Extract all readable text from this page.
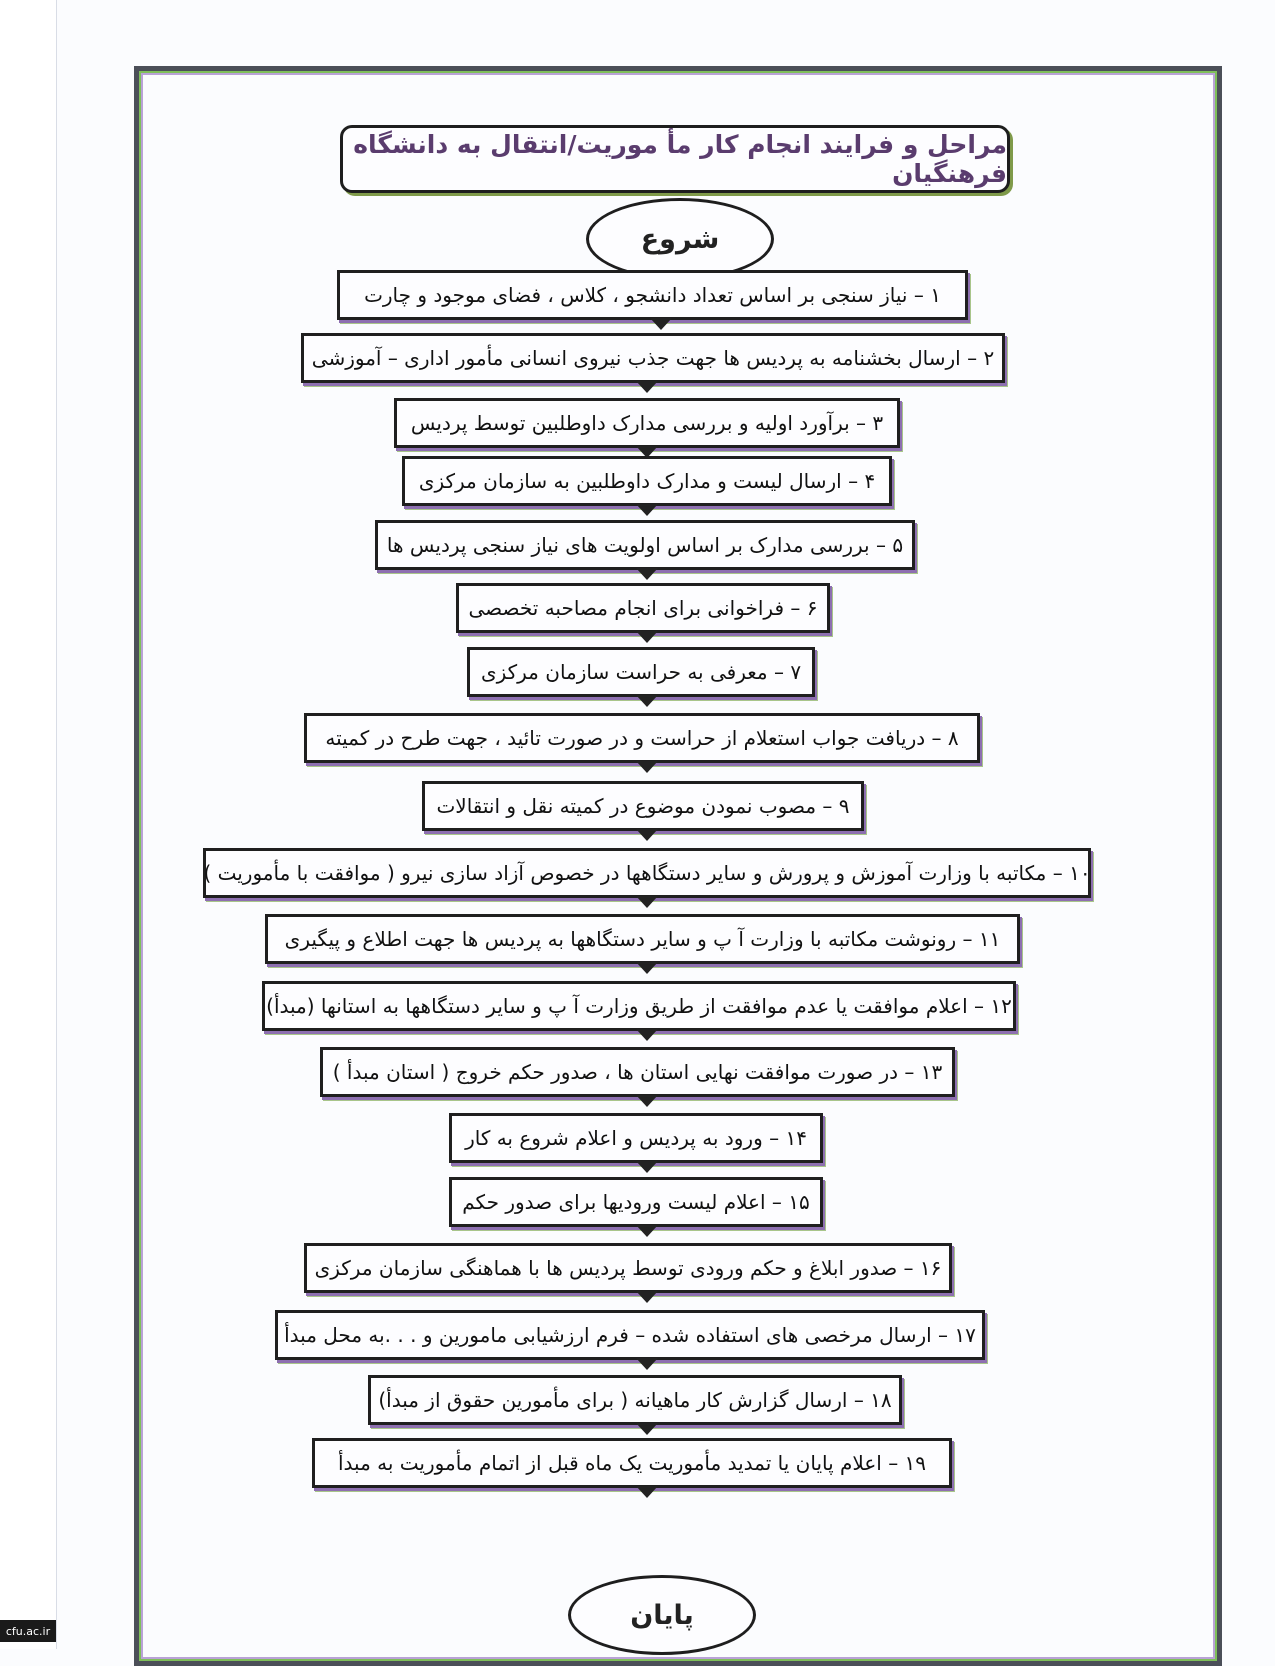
مراحل و فرایند انجام کار مأ موریت/انتقال به دانشگاه فرهنگیان
شروع
۱ – نیاز سنجی بر اساس تعداد دانشجو ، کلاس ، فضای موجود و چارت
۲ – ارسال بخشنامه به پردیس ها جهت جذب نیروی انسانی مأمور اداری – آموزشی
۳ – برآورد اولیه و بررسی مدارک داوطلبین توسط پردیس
۴ – ارسال لیست و مدارک داوطلبین به سازمان مرکزی
۵ – بررسی مدارک بر اساس اولویت های نیاز سنجی پردیس ها
۶ – فراخوانی برای انجام مصاحبه تخصصی
۷ – معرفی به حراست سازمان مرکزی
۸ – دریافت جواب استعلام از حراست و در صورت تائید ، جهت طرح در کمیته
۹ – مصوب نمودن موضوع در کمیته نقل و انتقالات
۱۰ – مکاتبه با وزارت آموزش و پرورش و سایر دستگاهها در خصوص آزاد سازی نیرو ( موافقت با مأموریت )
۱۱ – رونوشت مکاتبه با وزارت آ پ و سایر دستگاهها به پردیس ها جهت اطلاع و پیگیری
۱۲ – اعلام موافقت یا عدم موافقت از طریق وزارت آ پ و سایر دستگاهها به استانها (مبدأ)
۱۳ – در صورت موافقت نهایی استان ها ، صدور حکم خروج ( استان مبدأ )
۱۴ – ورود به پردیس و اعلام شروع به کار
۱۵ – اعلام لیست ورودیها برای صدور حکم
۱۶ – صدور ابلاغ و حکم ورودی توسط پردیس ها با هماهنگی سازمان مرکزی
۱۷ – ارسال مرخصی های استفاده شده – فرم ارزشیابی مامورین و . . .به محل مبدأ
۱۸ – ارسال گزارش کار ماهیانه ( برای مأمورین حقوق از مبدأ)
۱۹ – اعلام پایان یا تمدید مأموریت یک ماه قبل از اتمام مأموریت به مبدأ
پایان
cfu.ac.ir
